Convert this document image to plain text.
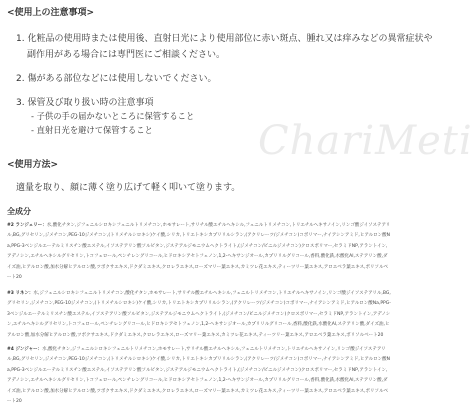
ChariMeti
<使用上の注意事項>
1. 化粧品の使用時または使用後、直射日光により使用部位に赤い斑点、腫れ又は痒みなどの異常症状や
副作用がある場合には専門医にご相談ください。
2. 傷がある部位などには使用しないでください。
3. 保管及び取り扱い時の注意事項
- 子供の手の届かないところに保管すること
- 直射日光を避けて保管すること
<使用方法>
適量を取り、顔に薄く塗り広げて軽く叩いて塗ります。
全成分
#2 ランジェリー：水,酸化チタン,ジフェニルシロキシフェニルトリメチコン,ホモサレート,サリチル酸エチルヘキシル,フェニルトリメチコン,トリエチルヘキサノイン,リンゴ酸ジイソステアリル,BG,グリセリン,ジメチコン,PEG-10ジメチコン,(トリメチルシロキシ)ケイ酸,シリカ,トリエトキシカプリリルシラン,(アクリレーツ/ジメチコン)コポリマー,ナイアシンアミド,ヒアルロン酸Na,PPG-3ベンジルエーテルミリスチン酸エステル,イソステアリン酸ソルビタン,ジステアルジモニウムヘクトライト,(ジメチコン/ビニルジメチコン)クロスポリマー,セラミドNP,アラントイン,アデノシン,エチルヘキシルグリセリン,トコフェロール,ペンチレングリコール,ヒドロキシアセトフェノン,1,2-ヘキサンジオール,カプリリルグリコール,香料,酸化鉄,水酸化Al,ステアリン酸,ダイズ油,ヒアルロン酸,加水分解ヒアルロン酸,ツボクサエキス,ドクダミエキス,クロレラエキス,ローズマリー葉エキス,カミツレ花エキス,ティーツリー葉エキス,アロエベラ葉エキス,ポリソルベート20
#3 リネン：水,ジフェニルシロキシフェニルトリメチコン,酸化チタン,ホモサレート,サリチル酸エチルヘキシル,フェニルトリメチコン,トリエチルヘキサノイン,リンゴ酸ジイソステアリル,BG,グリセリン,ジメチコン,PEG-10ジメチコン,(トリメチルシロキシ)ケイ酸,シリカ,トリエトキシカプリリルシラン,(アクリレーツ/ジメチコン)コポリマー,ナイアシンアミド,ヒアルロン酸Na,PPG-3ベンジルエーテルミリスチン酸エステル,イソステアリン酸ソルビタン,ジステアルジモニウムヘクトライト,(ジメチコン/ビニルジメチコン)クロスポリマー,セラミドNP,アラントイン,アデノシン,エチルヘキシルグリセリン,トコフェロール,ペンチレングリコール,ヒドロキシアセトフェノン,1,2-ヘキサンジオール,カプリリルグリコール,香料,酸化鉄,水酸化Al,ステアリン酸,ダイズ油,ヒアルロン酸,加水分解ヒアルロン酸,ツボクサエキス,ドクダミエキス,クロレラエキス,ローズマリー葉エキス,カミツレ花エキス,ティーツリー葉エキス,アロエベラ葉エキス,ポリソルベート20
#4 ジンジャー：水,酸化チタン,ジフェニルシロキシフェニルトリメチコン,ホモサレート,サリチル酸エチルヘキシル,フェニルトリメチコン,トリエチルヘキサノイン,リンゴ酸ジイソステアリル,BG,グリセリン,ジメチコン,PEG-10ジメチコン,(トリメチルシロキシ)ケイ酸,シリカ,トリエトキシカプリリルシラン,(アクリレーツ/ジメチコン)コポリマー,ナイアシンアミド,ヒアルロン酸Na,PPG-3ベンジルエーテルミリスチン酸エステル,イソステアリン酸ソルビタン,ジステアルジモニウムヘクトライト,(ジメチコン/ビニルジメチコン)クロスポリマー,セラミドNP,アラントイン,アデノシン,エチルヘキシルグリセリン,トコフェロール,ペンチレングリコール,ヒドロキシアセトフェノン,1,2-ヘキサンジオール,カプリリルグリコール,香料,酸化鉄,水酸化Al,ステアリン酸,ダイズ油,ヒアルロン酸,加水分解ヒアルロン酸,ツボクサエキス,ドクダミエキス,クロレラエキス,ローズマリー葉エキス,カミツレ花エキス,ティーツリー葉エキス,アロエベラ葉エキス,ポリソルベート20
